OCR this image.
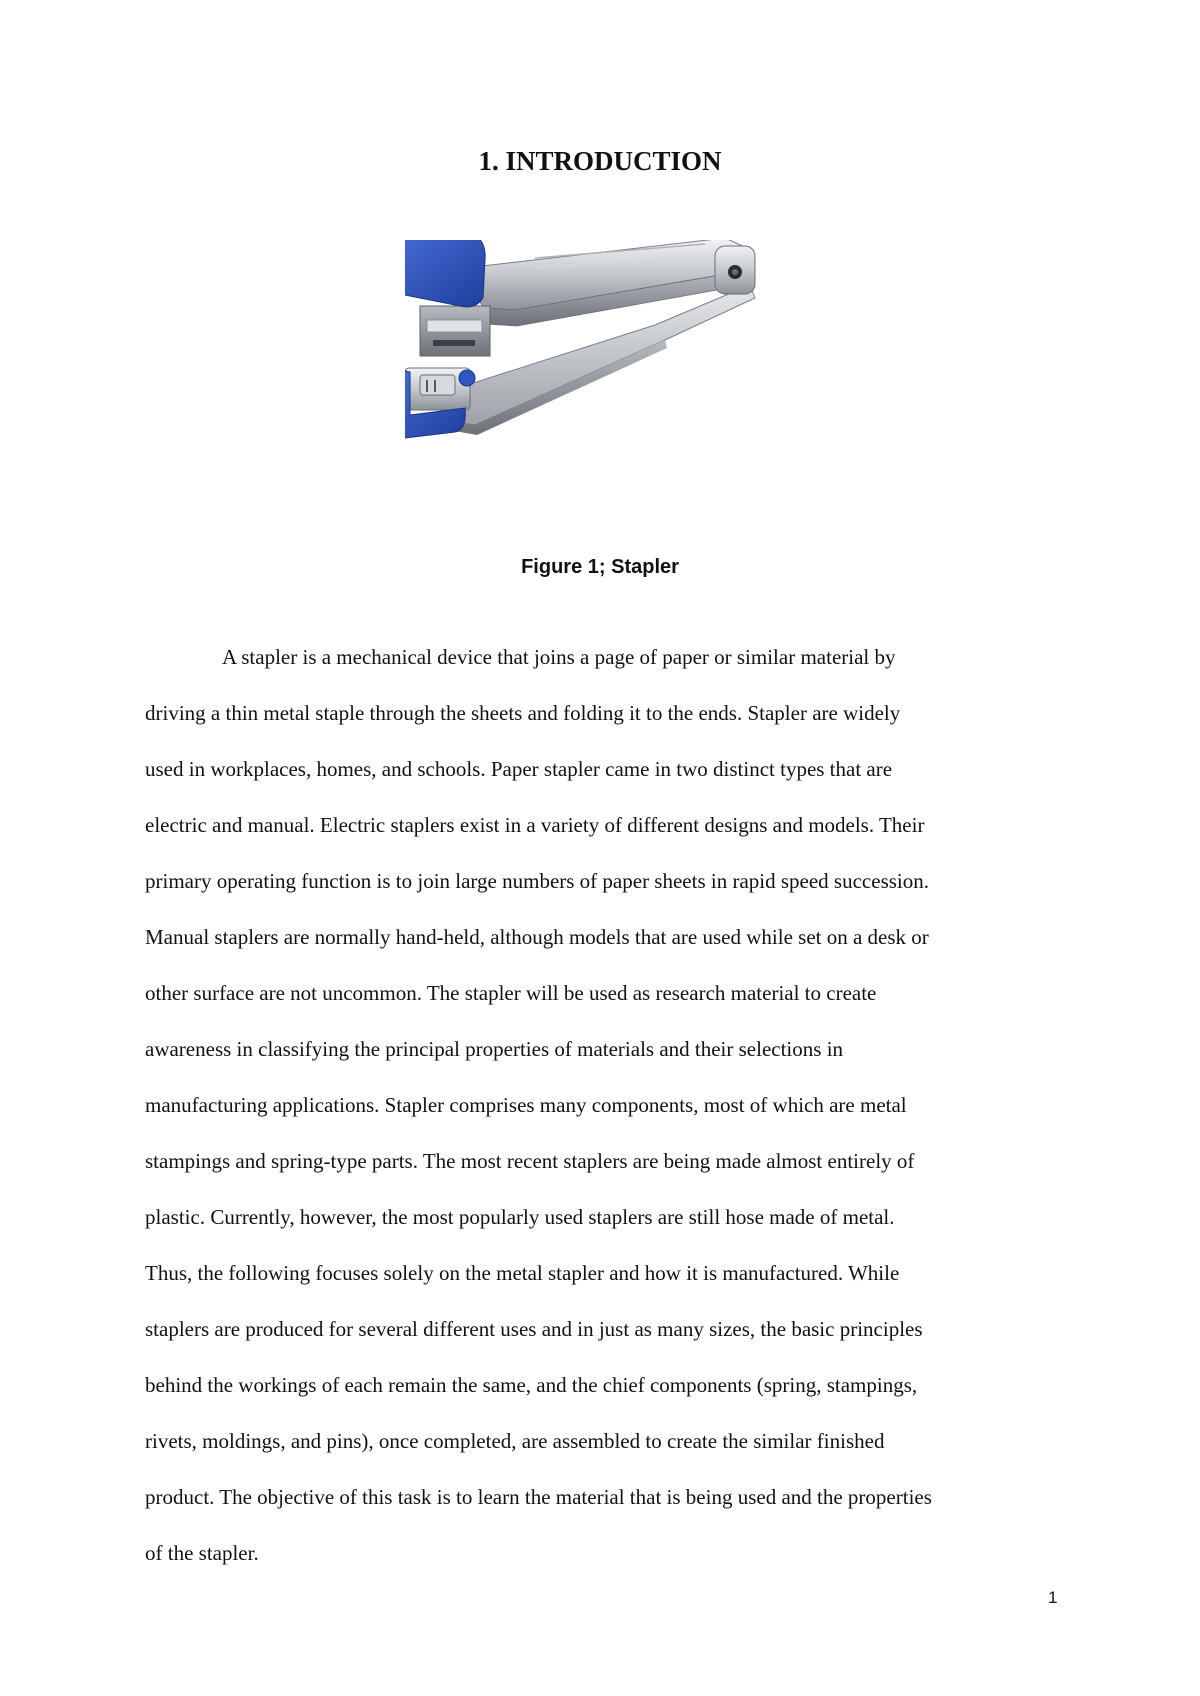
1. INTRODUCTION

Figure 1; Stapler

A stapler is a mechanical device that joins a page of paper or similar material by
driving a thin metal staple through the sheets and folding it to the ends. Stapler are widely
used in workplaces, homes, and schools. Paper stapler came in two distinct types that are
electric and manual. Electric staplers exist in a variety of different designs and models. Their
primary operating function is to join large numbers of paper sheets in rapid speed succession.
Manual staplers are normally hand-held, although models that are used while set on a desk or
other surface are not uncommon. The stapler will be used as research material to create
awareness in classifying the principal properties of materials and their selections in
manufacturing applications. Stapler comprises many components, most of which are metal
stampings and spring-type parts. The most recent staplers are being made almost entirely of
plastic. Currently, however, the most popularly used staplers are still hose made of metal.
Thus, the following focuses solely on the metal stapler and how it is manufactured. While
staplers are produced for several different uses and in just as many sizes, the basic principles
behind the workings of each remain the same, and the chief components (spring, stampings,
rivets, moldings, and pins), once completed, are assembled to create the similar finished
product. The objective of this task is to learn the material that is being used and the properties
of the stapler.

1
